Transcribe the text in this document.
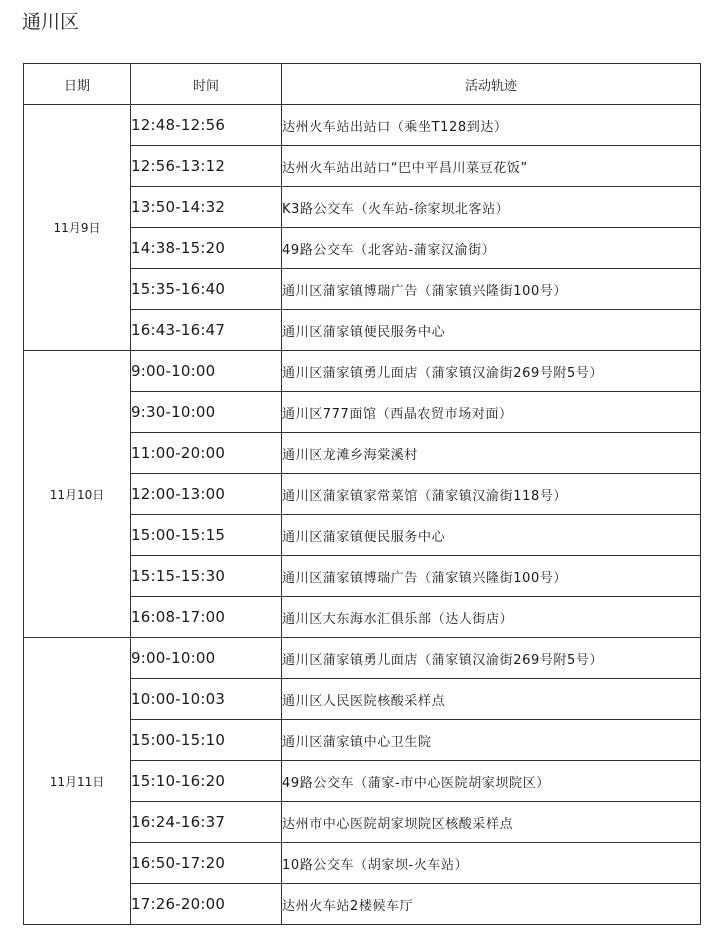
通川区
日期	时间	活动轨迹
11月9日	12:48-12:56	达州火车站出站口（乘坐T128到达）
	12:56-13:12	达州火车站出站口“巴中平昌川菜豆花饭”
	13:50-14:32	K3路公交车（火车站-徐家坝北客站）
	14:38-15:20	49路公交车（北客站-蒲家汉渝街）
	15:35-16:40	通川区蒲家镇博瑞广告（蒲家镇兴隆街100号）
	16:43-16:47	通川区蒲家镇便民服务中心
11月10日	9:00-10:00	通川区蒲家镇勇儿面店（蒲家镇汉渝街269号附5号）
	9:30-10:00	通川区777面馆（西晶农贸市场对面）
	11:00-20:00	通川区龙滩乡海棠溪村
	12:00-13:00	通川区蒲家镇家常菜馆（蒲家镇汉渝街118号）
	15:00-15:15	通川区蒲家镇便民服务中心
	15:15-15:30	通川区蒲家镇博瑞广告（蒲家镇兴隆街100号）
	16:08-17:00	通川区大东海水汇俱乐部（达人街店）
11月11日	9:00-10:00	通川区蒲家镇勇儿面店（蒲家镇汉渝街269号附5号）
	10:00-10:03	通川区人民医院核酸采样点
	15:00-15:10	通川区蒲家镇中心卫生院
	15:10-16:20	49路公交车（蒲家-市中心医院胡家坝院区）
	16:24-16:37	达州市中心医院胡家坝院区核酸采样点
	16:50-17:20	10路公交车（胡家坝-火车站）
	17:26-20:00	达州火车站2楼候车厅
